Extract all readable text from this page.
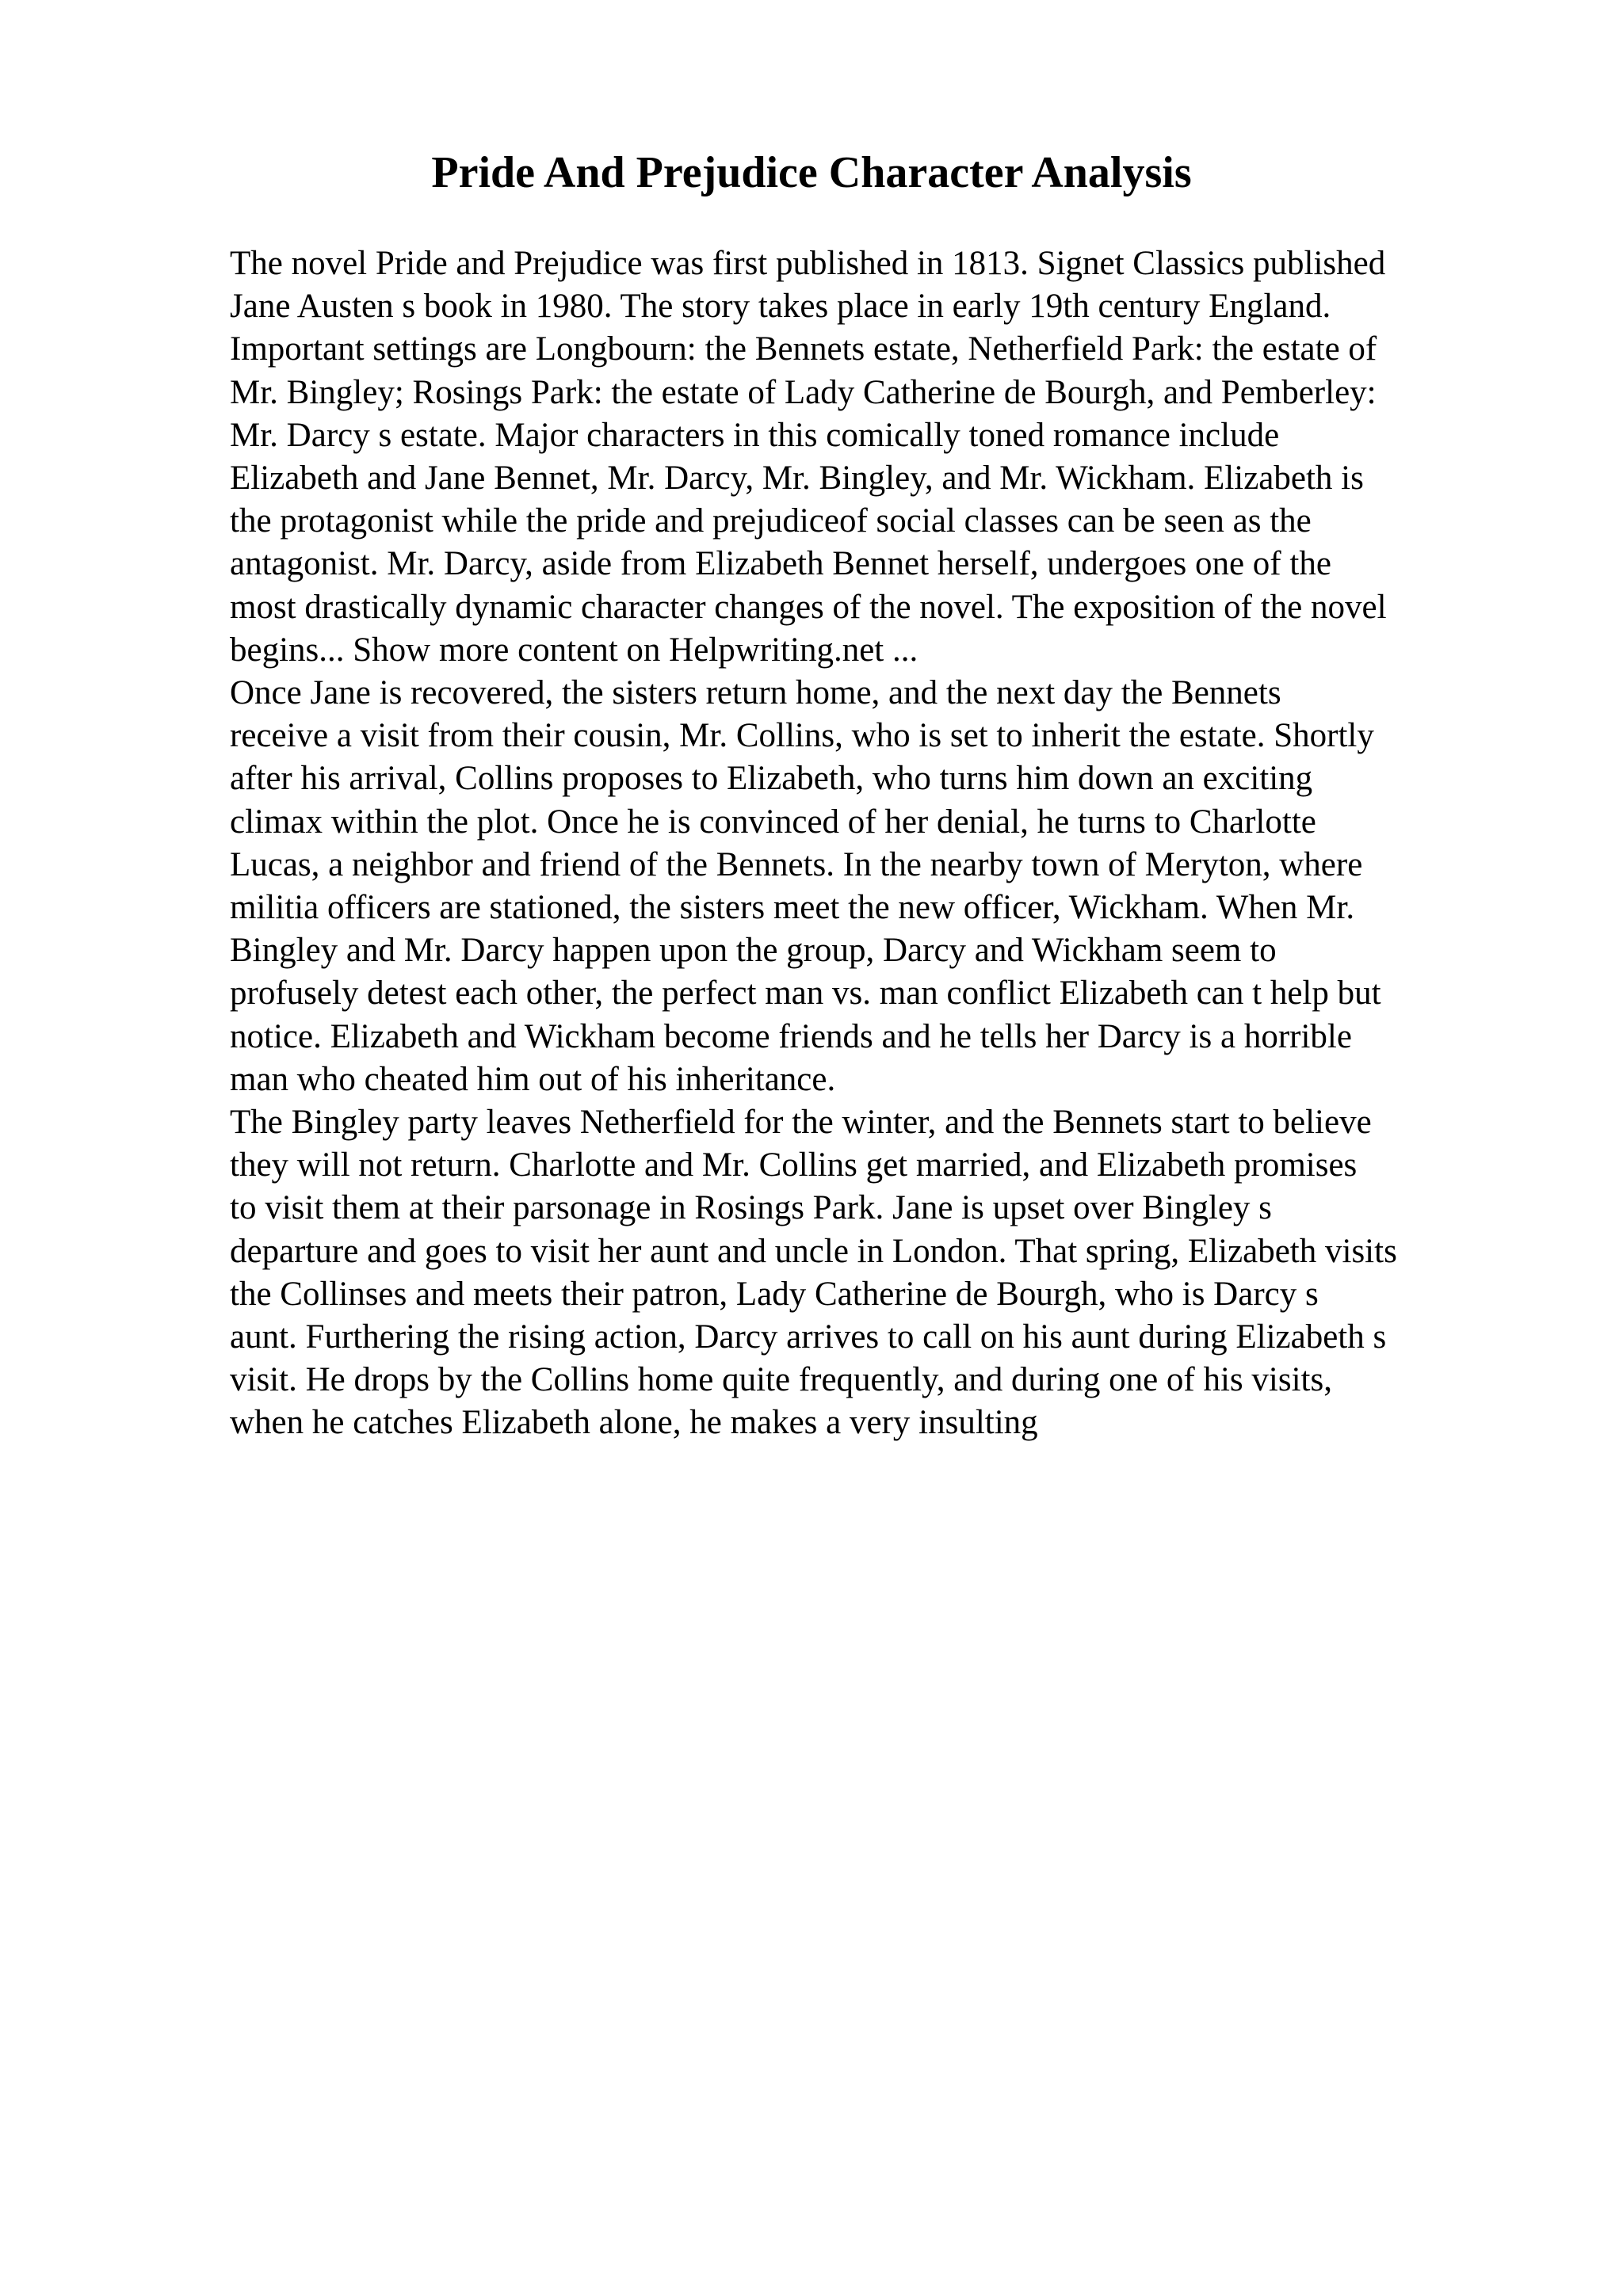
Pride And Prejudice Character Analysis

The novel Pride and Prejudice was first published in 1813. Signet Classics published
Jane Austen s book in 1980. The story takes place in early 19th century England.
Important settings are Longbourn: the Bennets estate, Netherfield Park: the estate of
Mr. Bingley; Rosings Park: the estate of Lady Catherine de Bourgh, and Pemberley:
Mr. Darcy s estate. Major characters in this comically toned romance include
Elizabeth and Jane Bennet, Mr. Darcy, Mr. Bingley, and Mr. Wickham. Elizabeth is
the protagonist while the pride and prejudiceof social classes can be seen as the
antagonist. Mr. Darcy, aside from Elizabeth Bennet herself, undergoes one of the
most drastically dynamic character changes of the novel. The exposition of the novel
begins... Show more content on Helpwriting.net ...

Once Jane is recovered, the sisters return home, and the next day the Bennets
receive a visit from their cousin, Mr. Collins, who is set to inherit the estate. Shortly
after his arrival, Collins proposes to Elizabeth, who turns him down an exciting
climax within the plot. Once he is convinced of her denial, he turns to Charlotte
Lucas, a neighbor and friend of the Bennets. In the nearby town of Meryton, where
militia officers are stationed, the sisters meet the new officer, Wickham. When Mr.
Bingley and Mr. Darcy happen upon the group, Darcy and Wickham seem to
profusely detest each other, the perfect man vs. man conflict Elizabeth can t help but
notice. Elizabeth and Wickham become friends and he tells her Darcy is a horrible
man who cheated him out of his inheritance.

The Bingley party leaves Netherfield for the winter, and the Bennets start to believe
they will not return. Charlotte and Mr. Collins get married, and Elizabeth promises
to visit them at their parsonage in Rosings Park. Jane is upset over Bingley s
departure and goes to visit her aunt and uncle in London. That spring, Elizabeth visits
the Collinses and meets their patron, Lady Catherine de Bourgh, who is Darcy s
aunt. Furthering the rising action, Darcy arrives to call on his aunt during Elizabeth s
visit. He drops by the Collins home quite frequently, and during one of his visits,
when he catches Elizabeth alone, he makes a very insulting
